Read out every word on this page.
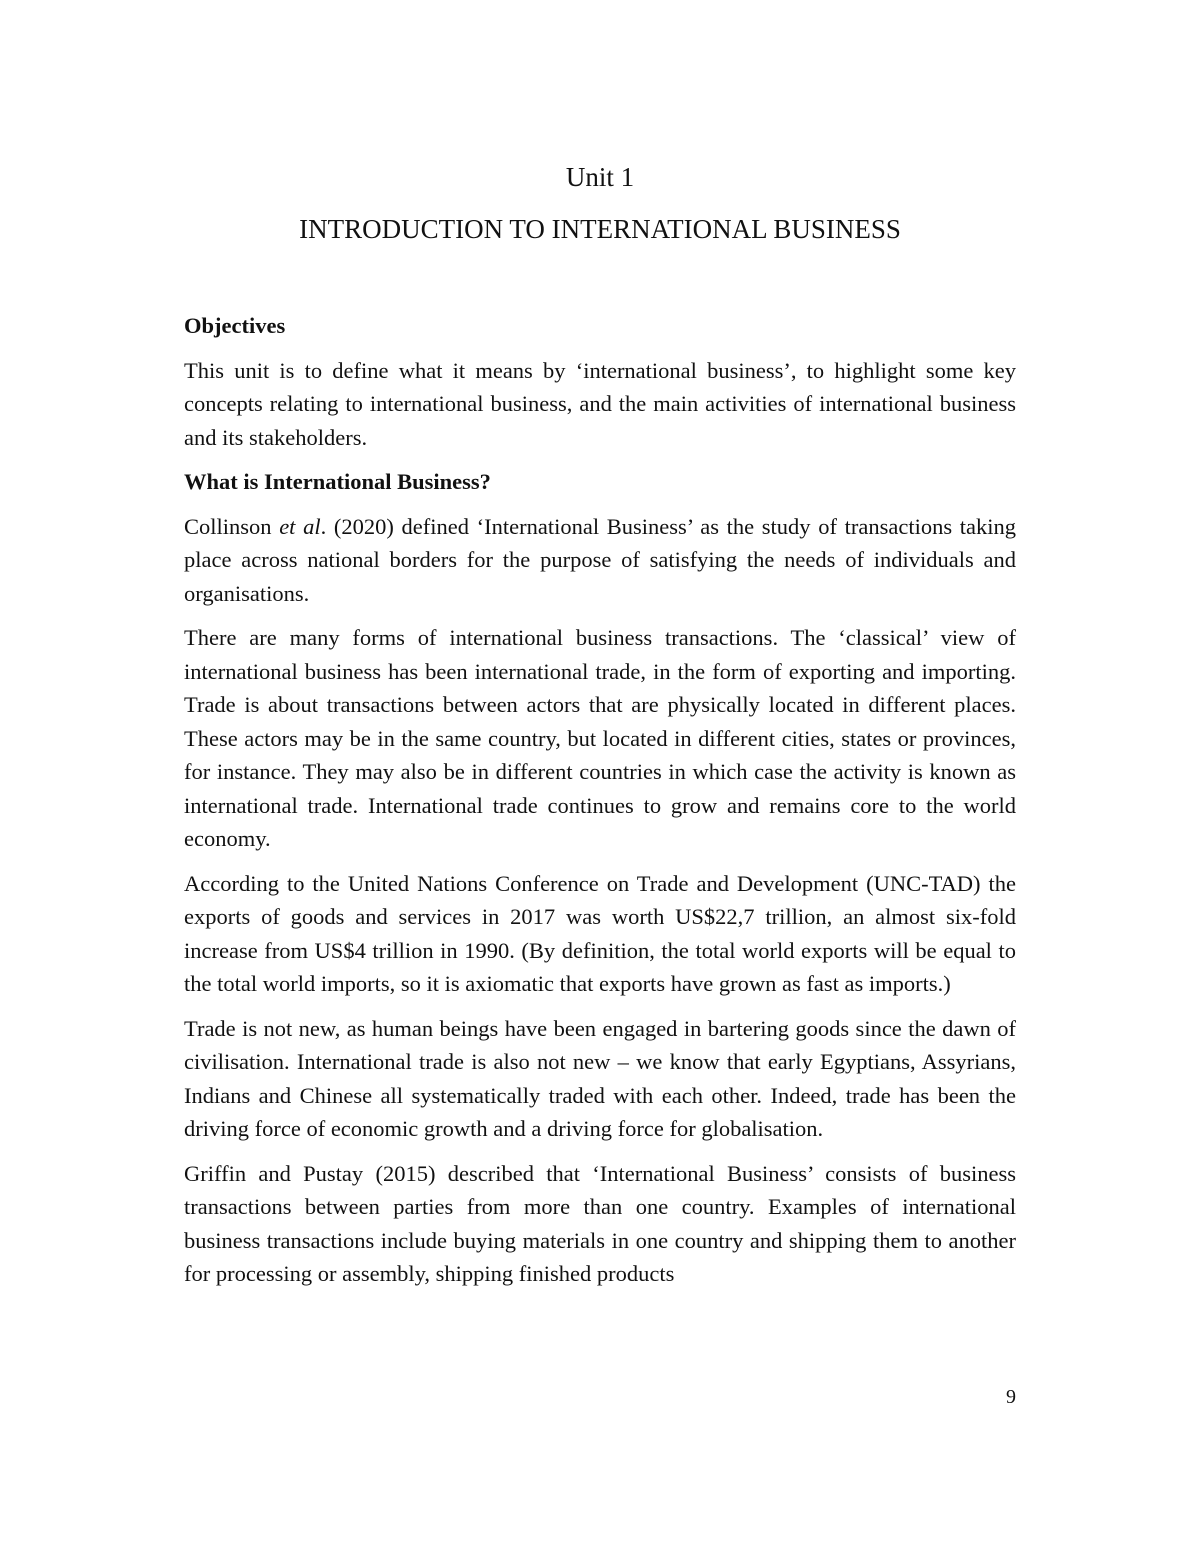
Unit 1
INTRODUCTION TO INTERNATIONAL BUSINESS
Objectives

This unit is to define what it means by ‘international business’, to highlight some key concepts relating to international business, and the main activities of international business and its stakeholders.

What is International Business?

Collinson et al. (2020) defined ‘International Business’ as the study of transactions taking place across national borders for the purpose of satisfying the needs of individuals and organisations.

There are many forms of international business transactions. The ‘classical’ view of international business has been international trade, in the form of exporting and importing. Trade is about transactions between actors that are physically located in different places. These actors may be in the same country, but located in different cities, states or provinces, for instance. They may also be in different countries in which case the activity is known as international trade. International trade continues to grow and remains core to the world economy.

According to the United Nations Conference on Trade and Development (UNC-TAD) the exports of goods and services in 2017 was worth US$22,7 trillion, an almost six-fold increase from US$4 trillion in 1990. (By definition, the total world exports will be equal to the total world imports, so it is axiomatic that exports have grown as fast as imports.)

Trade is not new, as human beings have been engaged in bartering goods since the dawn of civilisation. International trade is also not new – we know that early Egyptians, Assyrians, Indians and Chinese all systematically traded with each other. Indeed, trade has been the driving force of economic growth and a driving force for globalisation.

Griffin and Pustay (2015) described that ‘International Business’ consists of business transactions between parties from more than one country. Examples of international business transactions include buying materials in one country and shipping them to another for processing or assembly, shipping finished products

9
